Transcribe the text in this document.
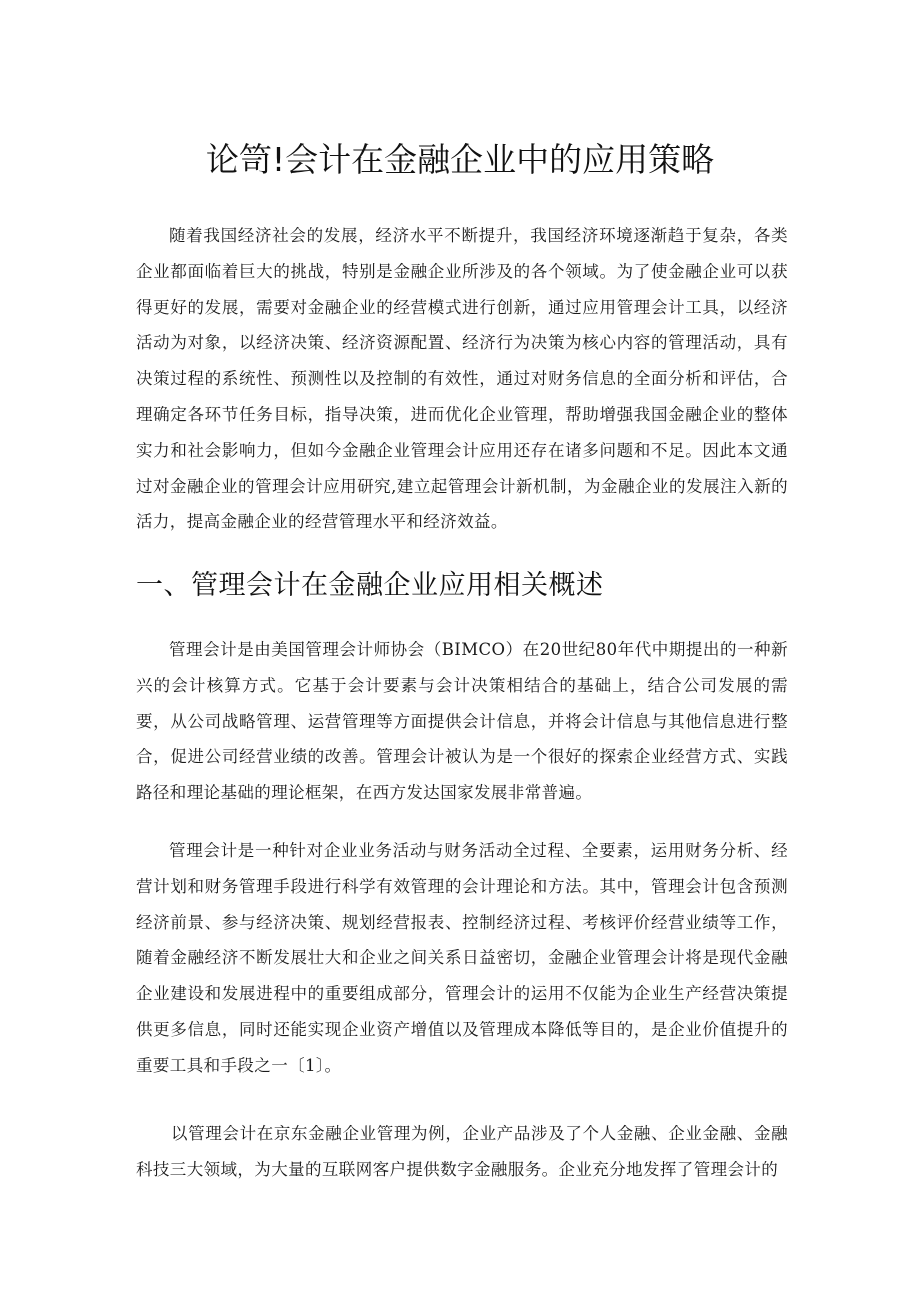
论笥!会计在金融企业中的应用策略

随着我国经济社会的发展，经济水平不断提升，我国经济环境逐渐趋于复杂，各类企业都面临着巨大的挑战，特别是金融企业所涉及的各个领域。为了使金融企业可以获得更好的发展，需要对金融企业的经营模式进行创新，通过应用管理会计工具，以经济活动为对象，以经济决策、经济资源配置、经济行为决策为核心内容的管理活动，具有决策过程的系统性、预测性以及控制的有效性，通过对财务信息的全面分析和评估，合理确定各环节任务目标，指导决策，进而优化企业管理，帮助增强我国金融企业的整体实力和社会影响力，但如今金融企业管理会计应用还存在诸多问题和不足。因此本文通过对金融企业的管理会计应用研究,建立起管理会计新机制，为金融企业的发展注入新的活力，提高金融企业的经营管理水平和经济效益。

一、管理会计在金融企业应用相关概述

管理会计是由美国管理会计师协会（BIMCO）在20世纪80年代中期提出的一种新兴的会计核算方式。它基于会计要素与会计决策相结合的基础上，结合公司发展的需要，从公司战略管理、运营管理等方面提供会计信息，并将会计信息与其他信息进行整合，促进公司经营业绩的改善。管理会计被认为是一个很好的探索企业经营方式、实践路径和理论基础的理论框架，在西方发达国家发展非常普遍。

管理会计是一种针对企业业务活动与财务活动全过程、全要素，运用财务分析、经营计划和财务管理手段进行科学有效管理的会计理论和方法。其中，管理会计包含预测经济前景、参与经济决策、规划经营报表、控制经济过程、考核评价经营业绩等工作，随着金融经济不断发展壮大和企业之间关系日益密切，金融企业管理会计将是现代金融企业建设和发展进程中的重要组成部分，管理会计的运用不仅能为企业生产经营决策提供更多信息，同时还能实现企业资产增值以及管理成本降低等目的，是企业价值提升的重要工具和手段之一〔1〕。

以管理会计在京东金融企业管理为例，企业产品涉及了个人金融、企业金融、金融科技三大领域，为大量的互联网客户提供数字金融服务。企业充分地发挥了管理会计的
